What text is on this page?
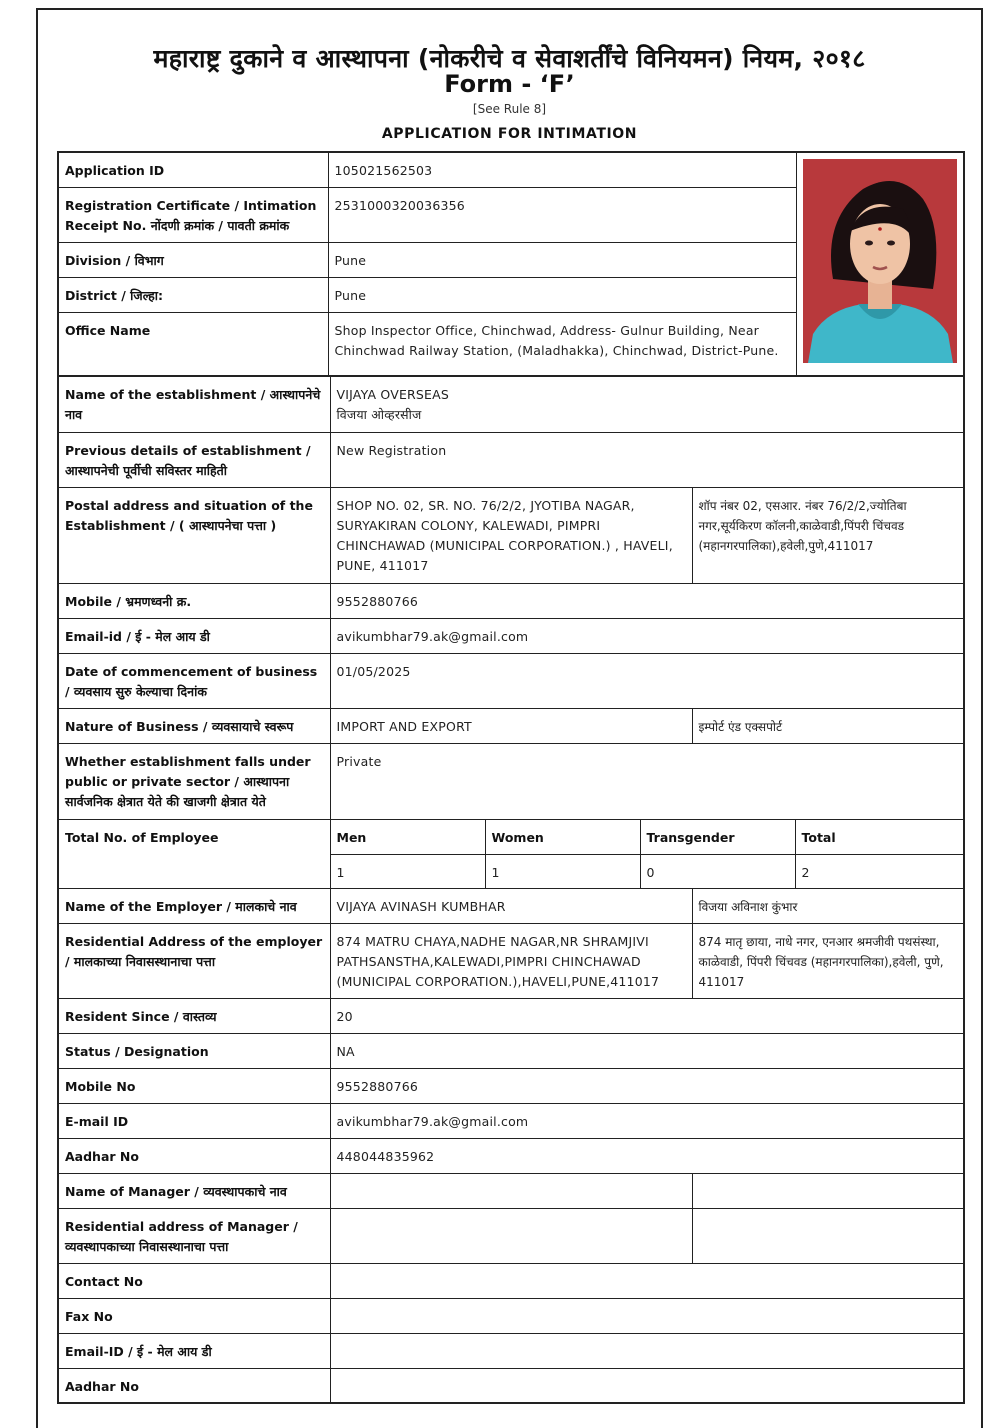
महाराष्ट्र दुकाने व आस्थापना (नोकरीचे व सेवाशर्तींचे विनियमन) नियम, २०१८
Form - ‘F’
[See Rule 8]
APPLICATION FOR INTIMATION
Application ID	105021562503	

Registration Certificate / Intimation Receipt No. नोंदणी क्रमांक / पावती क्रमांक	2531000320036356	
Division / विभाग	Pune	
District / जिल्हा:	Pune	
Office Name	Shop Inspector Office, Chinchwad, Address- Gulnur Building, Near Chinchwad Railway Station, (Maladhakka), Chinchwad, District-Pune.	
Name of the establishment / आस्थापनेचे नाव	VIJAYA OVERSEAS
विजया ओव्हरसीज				

Previous details of establishment / आस्थापनेची पूर्वीची सविस्तर माहिती	New Registration				
Postal address and situation of the Establishment / ( आस्थापनेचा पत्ता )	SHOP NO. 02, SR. NO. 76/2/2, JYOTIBA NAGAR, SURYAKIRAN COLONY, KALEWADI, PIMPRI CHINCHAWAD (MUNICIPAL CORPORATION.) , HAVELI, PUNE, 411017			शॉप नंबर 02, एसआर. नंबर 76/2/2,ज्योतिबा नगर,सूर्यकिरण कॉलनी,काळेवाडी,पिंपरी चिंचवड (महानगरपालिका),हवेली,पुणे,411017	
Mobile / भ्रमणध्वनी क्र.	9552880766				
Email-id / ई - मेल आय डी	avikumbhar79.ak@gmail.com				
Date of commencement of business / व्यवसाय सुरु केल्याचा दिनांक	01/05/2025				
Nature of Business / व्यवसायाचे स्वरूप	IMPORT AND EXPORT			इम्पोर्ट एंड एक्सपोर्ट	
Whether establishment falls under public or private sector / आस्थापना सार्वजनिक क्षेत्रात येते की खाजगी क्षेत्रात येते	Private				
Total No. of Employee	Men	Women	Transgender		Total
	1	1	0		2
Name of the Employer / मालकाचे नाव	VIJAYA AVINASH KUMBHAR			विजया अविनाश कुंभार	
Residential Address of the employer / मालकाच्या निवासस्थानाचा पत्ता	874 MATRU CHAYA,NADHE NAGAR,NR SHRAMJIVI PATHSANSTHA,KALEWADI,PIMPRI CHINCHAWAD (MUNICIPAL CORPORATION.),HAVELI,PUNE,411017			874 मातृ छाया, नाधे नगर, एनआर श्रमजीवी पथसंस्था, काळेवाडी, पिंपरी चिंचवड (महानगरपालिका),हवेली, पुणे, 411017	
Resident Since / वास्तव्य	20				
Status / Designation	NA				
Mobile No	9552880766				
E-mail ID	avikumbhar79.ak@gmail.com				
Aadhar No	448044835962				
Name of Manager / व्यवस्थापकाचे नाव					
Residential address of Manager / व्यवस्थापकाच्या निवासस्थानाचा पत्ता					
Contact No					
Fax No					
Email-ID / ई - मेल आय डी					
Aadhar No					
